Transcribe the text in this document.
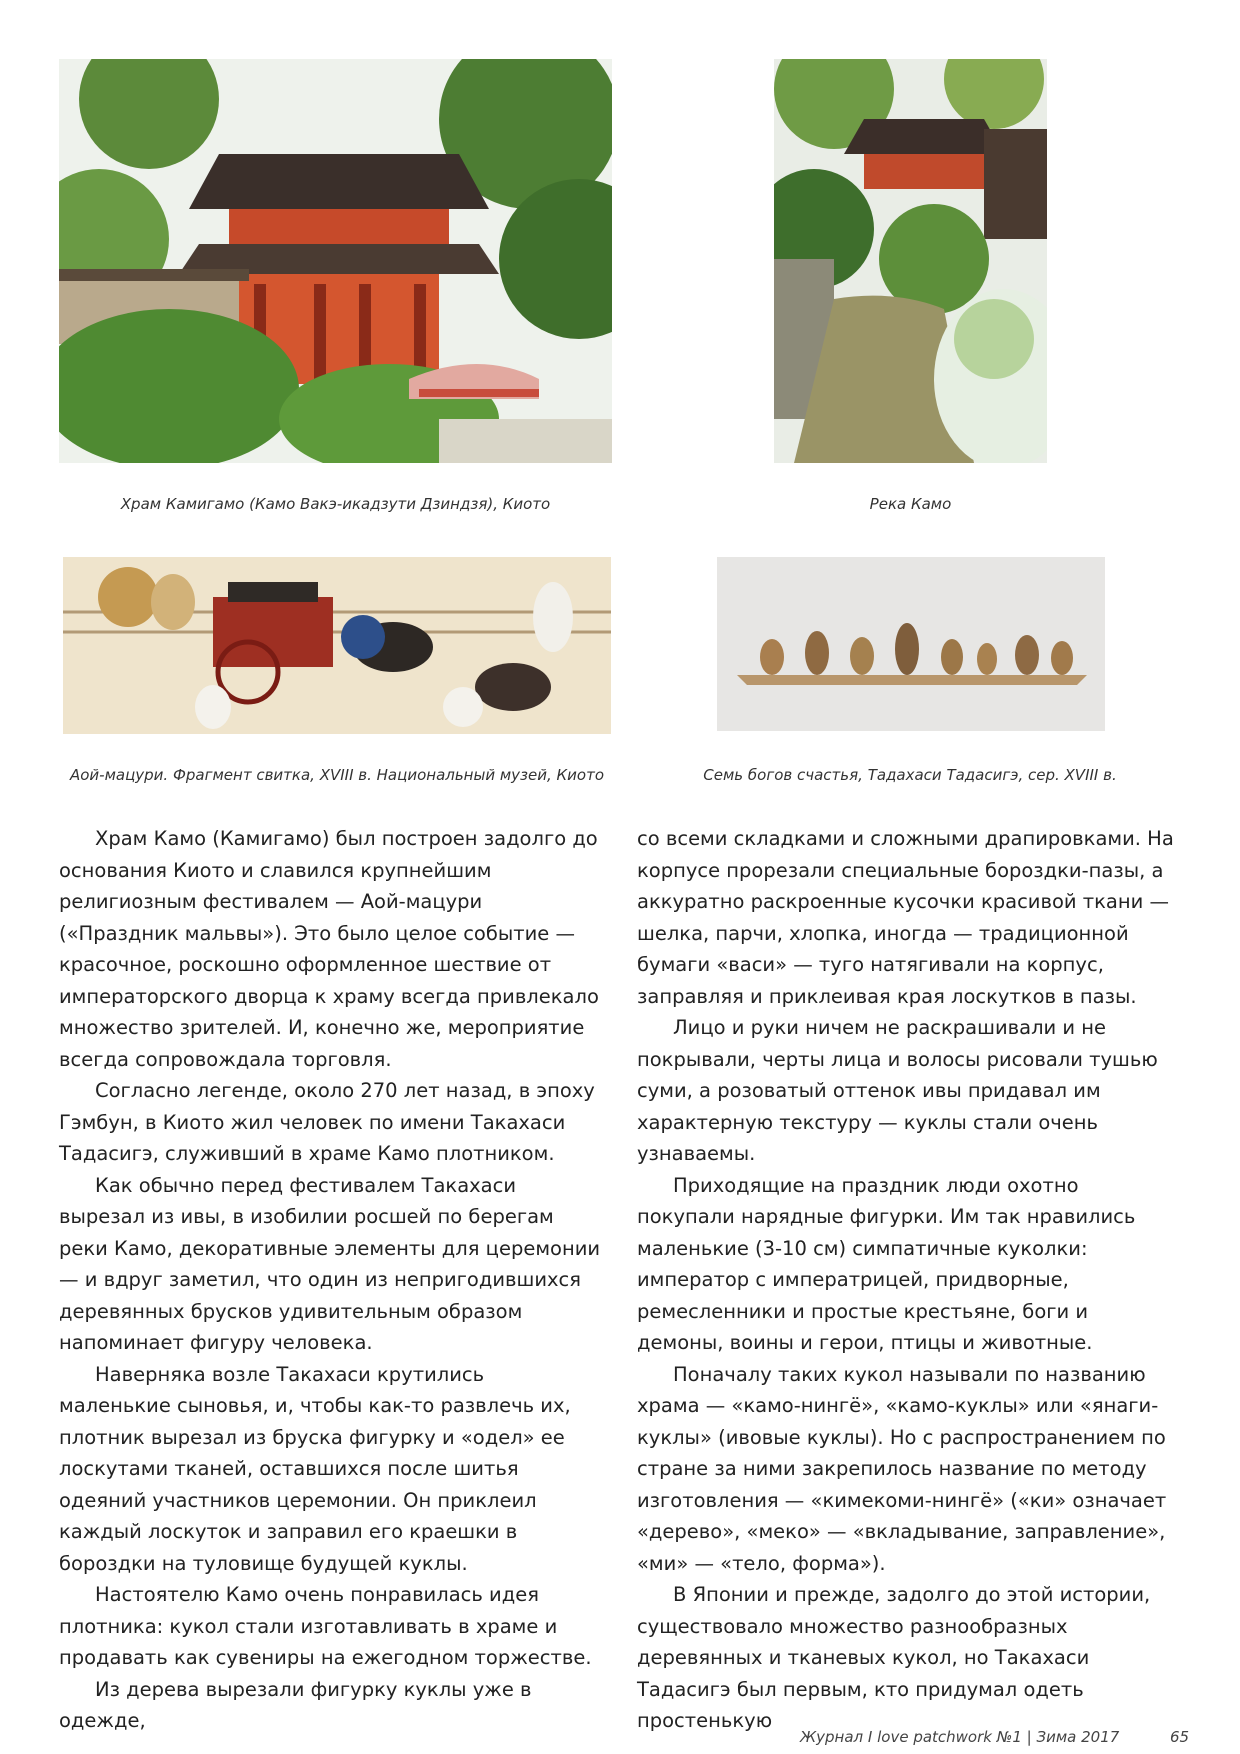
Храм Камигамо (Камо Вакэ-икадзути Дзиндзя), Киото	Река Камо
Аой-мацури. Фрагмент свитка, XVIII в. Национальный музей, Киото	Семь богов счастья, Тадахаси Тадасигэ, сер. XVIII в.

Храм Камо (Камигамо) был построен задолго до основания Киото и славился крупнейшим религиозным фестивалем — Аой-мацури («Праздник мальвы»). Это было целое событие — красочное, роскошно оформленное шествие от императорского дворца к храму всегда привлекало множество зрителей. И, конечно же, мероприятие всегда сопровождала торговля.

Согласно легенде, около 270 лет назад, в эпоху Гэмбун, в Киото жил человек по имени Такахаси Тадасигэ, служивший в храме Камо плотником.

Как обычно перед фестивалем Такахаси вырезал из ивы, в изобилии росшей по берегам реки Камо, декоративные элементы для церемонии — и вдруг заметил, что один из непригодившихся деревянных брусков удивительным образом напоминает фигуру человека.

Наверняка возле Такахаси крутились маленькие сыновья, и, чтобы как-то развлечь их, плотник вырезал из бруска фигурку и «одел» ее лоскутами тканей, оставшихся после шитья одеяний участников церемонии. Он приклеил каждый лоскуток и заправил его краешки в бороздки на туловище будущей куклы.

Настоятелю Камо очень понравилась идея плотника: кукол стали изготавливать в храме и продавать как сувениры на ежегодном торжестве.

Из дерева вырезали фигурку куклы уже в одежде,

со всеми складками и сложными драпировками. На корпусе прорезали специальные бороздки-пазы, а аккуратно раскроенные кусочки красивой ткани — шелка, парчи, хлопка, иногда — традиционной бумаги «васи» — туго натягивали на корпус, заправляя и приклеивая края лоскутков в пазы.

Лицо и руки ничем не раскрашивали и не покрывали, черты лица и волосы рисовали тушью суми, а розоватый оттенок ивы придавал им характерную текстуру — куклы стали очень узнаваемы.

Приходящие на праздник люди охотно покупали нарядные фигурки. Им так нравились маленькие (3-10 см) симпатичные куколки: император с императрицей, придворные, ремесленники и простые крестьяне, боги и демоны, воины и герои, птицы и животные.

Поначалу таких кукол называли по названию храма — «камо-нингё», «камо-куклы» или «янаги-куклы» (ивовые куклы). Но с распространением по стране за ними закрепилось название по методу изготовления — «кимекоми-нингё» («ки» означает «дерево», «меко» — «вкладывание, заправление», «ми» — «тело, форма»).

В Японии и прежде, задолго до этой истории, существовало множество разнообразных деревянных и тканевых кукол, но Такахаси Тадасигэ был первым, кто придумал одеть простенькую

Журнал I love patchwork №1 | Зима 2017	65
